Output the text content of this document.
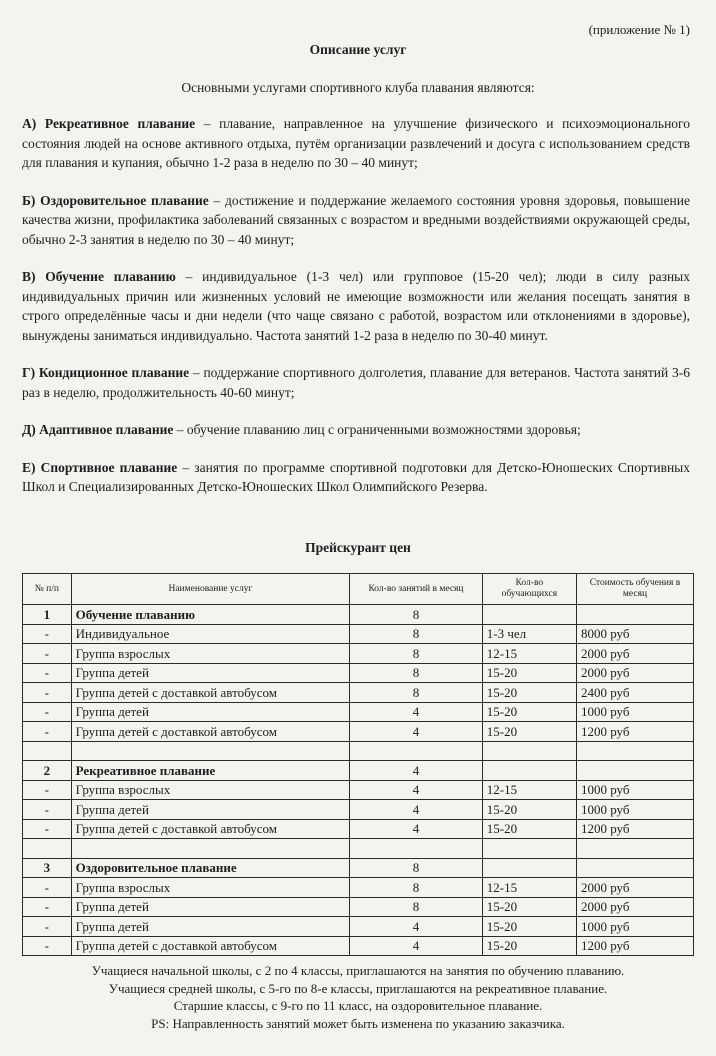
(приложение № 1)
Описание услуг
Основными услугами спортивного клуба плавания являются:

А) Рекреативное плавание – плавание, направленное на улучшение физического и психоэмоционального состояния людей на основе активного отдыха, путём организации развлечений и досуга с использованием средств для плавания и купания, обычно 1-2 раза в неделю по 30 – 40 минут;

Б) Оздоровительное плавание – достижение и поддержание желаемого состояния уровня здоровья, повышение качества жизни, профилактика заболеваний связанных с возрастом и вредными воздействиями окружающей среды, обычно 2-3 занятия в неделю по 30 – 40 минут;

В) Обучение плаванию – индивидуальное (1-3 чел) или групповое (15-20 чел); люди в силу разных индивидуальных причин или жизненных условий не имеющие возможности или желания посещать занятия в строго определённые часы и дни недели (что чаще связано с работой, возрастом или отклонениями в здоровье), вынуждены заниматься индивидуально. Частота занятий 1-2 раза в неделю по 30-40 минут.

Г) Кондиционное плавание – поддержание спортивного долголетия, плавание для ветеранов. Частота занятий 3-6 раз в неделю, продолжительность 40-60 минут;

Д) Адаптивное плавание – обучение плаванию лиц с ограниченными возможностями здоровья;

Е) Спортивное плавание – занятия по программе спортивной подготовки для Детско-Юношеских Спортивных Школ и Специализированных Детско-Юношеских Школ Олимпийского Резерва.

Прейскурант цен
№ п/п	Наименование услуг	Кол-во занятий в месяц	Кол-во обучающихся	Стоимость обучения в месяц
1	Обучение плаванию	8		
-	Индивидуальное	8	1-3 чел	8000 руб
-	Группа взрослых	8	12-15	2000 руб
-	Группа детей	8	15-20	2000 руб
-	Группа детей с доставкой автобусом	8	15-20	2400 руб
-	Группа детей	4	15-20	1000 руб
-	Группа детей с доставкой автобусом	4	15-20	1200 руб

2	Рекреативное плавание	4		
-	Группа взрослых	4	12-15	1000 руб
-	Группа детей	4	15-20	1000 руб
-	Группа детей с доставкой автобусом	4	15-20	1200 руб

3	Оздоровительное плавание	8		
-	Группа взрослых	8	12-15	2000 руб
-	Группа детей	8	15-20	2000 руб
-	Группа детей	4	15-20	1000 руб
-	Группа детей с доставкой автобусом	4	15-20	1200 руб
Учащиеся начальной школы, с 2 по 4 классы, приглашаются на занятия по обучению плаванию.
Учащиеся средней школы, с 5-го по 8-е классы, приглашаются на рекреативное плавание.
Старшие классы, с 9-го по 11 класс, на оздоровительное плавание.
PS: Направленность занятий может быть изменена по указанию заказчика.
